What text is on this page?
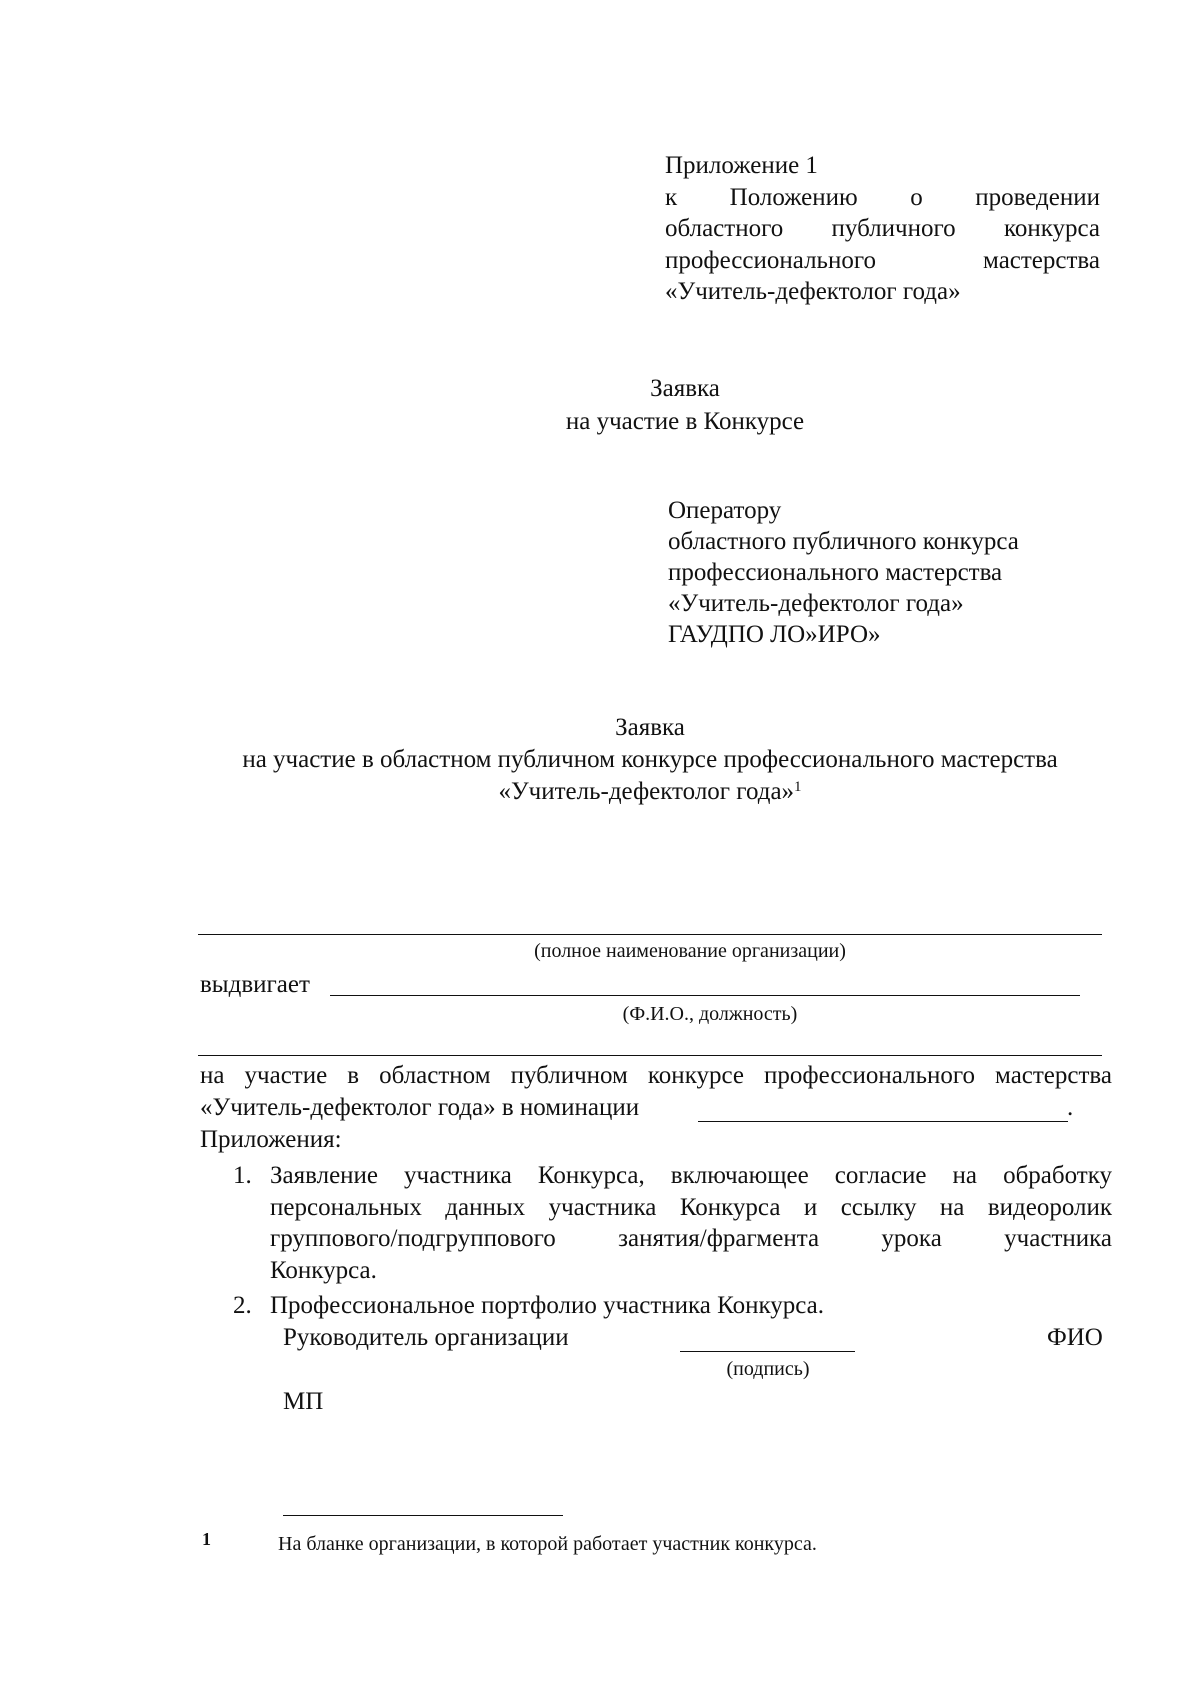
Приложение 1
к Положению о проведении
областного публичного конкурса
профессионального мастерства
«Учитель-дефектолог года»
Заявка
на участие в Конкурсе
Оператору
областного публичного конкурса
профессионального мастерства
«Учитель-дефектолог года»
ГАУДПО ЛО»ИРО»
Заявка
на участие в областном публичном конкурсе профессионального мастерства
«Учитель-дефектолог года»$^1$
(полное наименование организации)
выдвигает
(Ф.И.О., должность)
на участие в областном публичном конкурсе профессионального мастерства
«Учитель-дефектолог года» в номинации	.
Приложения:
1. Заявление участника Конкурса, включающее согласие на обработку
персональных данных участника Конкурса и ссылку на видеоролик
группового/подгруппового занятия/фрагмента урока участника
Конкурса.
2. Профессиональное портфолио участника Конкурса.
Руководитель организации
(подпись)
ФИО
МП
1	На бланке организации, в которой работает участник конкурса.
